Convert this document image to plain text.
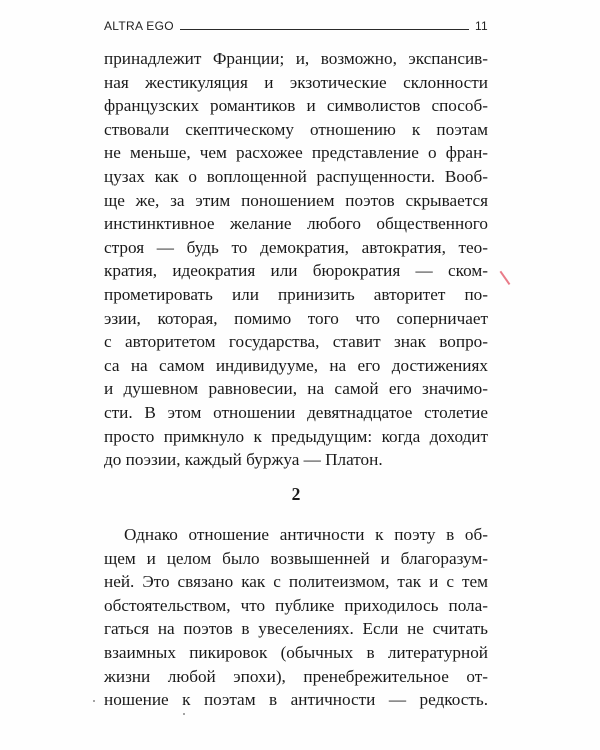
ALTRA EGO	11
принадлежит Франции; и, возможно, экспансив-
ная жестикуляция и экзотические склонности
французских романтиков и символистов способ-
ствовали скептическому отношению к поэтам
не меньше, чем расхожее представление о фран-
цузах как о воплощенной распущенности. Вооб-
ще же, за этим поношением поэтов скрывается
инстинктивное желание любого общественного
строя — будь то демократия, автократия, тео-
кратия, идеократия или бюрократия — ском-
прометировать или принизить авторитет по-
эзии, которая, помимо того что соперничает
с авторитетом государства, ставит знак вопро-
са на самом индивидууме, на его достижениях
и душевном равновесии, на самой его значимо-
сти. В этом отношении девятнадцатое столетие
просто примкнуло к предыдущим: когда доходит
до поэзии, каждый буржуа — Платон.
2
Однако отношение античности к поэту в об-
щем и целом было возвышенней и благоразум-
ней. Это связано как с политеизмом, так и с тем
обстоятельством, что публике приходилось пола-
гаться на поэтов в увеселениях. Если не считать
взаимных пикировок (обычных в литературной
жизни любой эпохи), пренебрежительное от-
ношение к поэтам в античности — редкость.
